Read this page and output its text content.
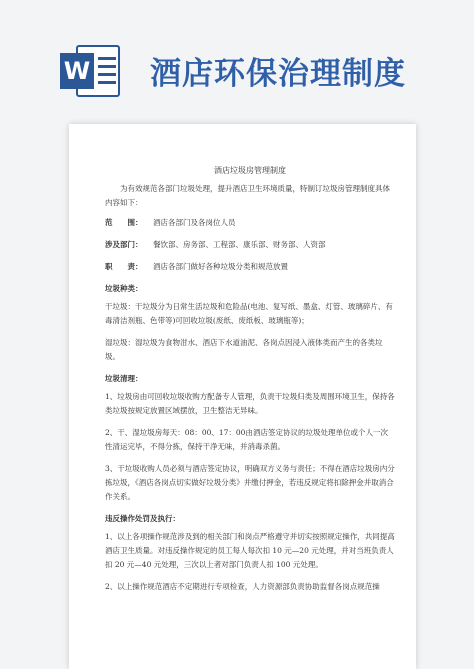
W 酒店环保治理制度
酒店垃圾房管理制度

为有效规范各部门垃圾处理，提升酒店卫生环境质量，特制订垃圾房管理制度具体内容如下：

范　　围：	酒店各部门及各岗位人员
涉及部门：	餐饮部、房务部、工程部、康乐部、财务部、人资部
职　　责：	酒店各部门做好各种垃圾分类和规范放置
垃圾种类：

干垃圾：干垃圾分为日常生活垃圾和危险品(电池、复写纸、墨盒、灯管、玻璃碎片、有毒清洁剂瓶、色带等)可回收垃圾(废纸、废纸板、玻璃瓶等)；

湿垃圾：湿垃圾为食物泔水、酒店下水道油泥、各岗点因浸入液体类而产生的各类垃圾。

垃圾清理：

1、垃圾房由可回收垃圾收购方配备专人管理，负责干垃圾归类及周围环境卫生，保持各类垃圾按规定放置区域摆放，卫生整洁无异味。

2、干、湿垃圾房每天：08：00、17：00由酒店签定协议的垃圾处理单位或个人一次性清运完毕，不得分拣，保持干净无味，并消毒杀菌。

3、干垃圾收购人员必须与酒店签定协议，明确双方义务与责任；不得在酒店垃圾房内分拣垃圾，《酒店各岗点切实做好垃圾分类》并缴付押金，若违反规定将扣除押金并取消合作关系。

违反操作处罚及执行：

1、以上各项操作规范涉及到的相关部门和岗点严格遵守并切实按照规定操作，共同提高酒店卫生质量。对违反操作规定的员工每人每次扣 10 元—20 元处理，并对当班负责人扣 20 元—40 元处理，三次以上者对部门负责人扣 100 元处理。

2、以上操作规范酒店不定期进行专项检查，人力资源部负责协助监督各岗点规范操
